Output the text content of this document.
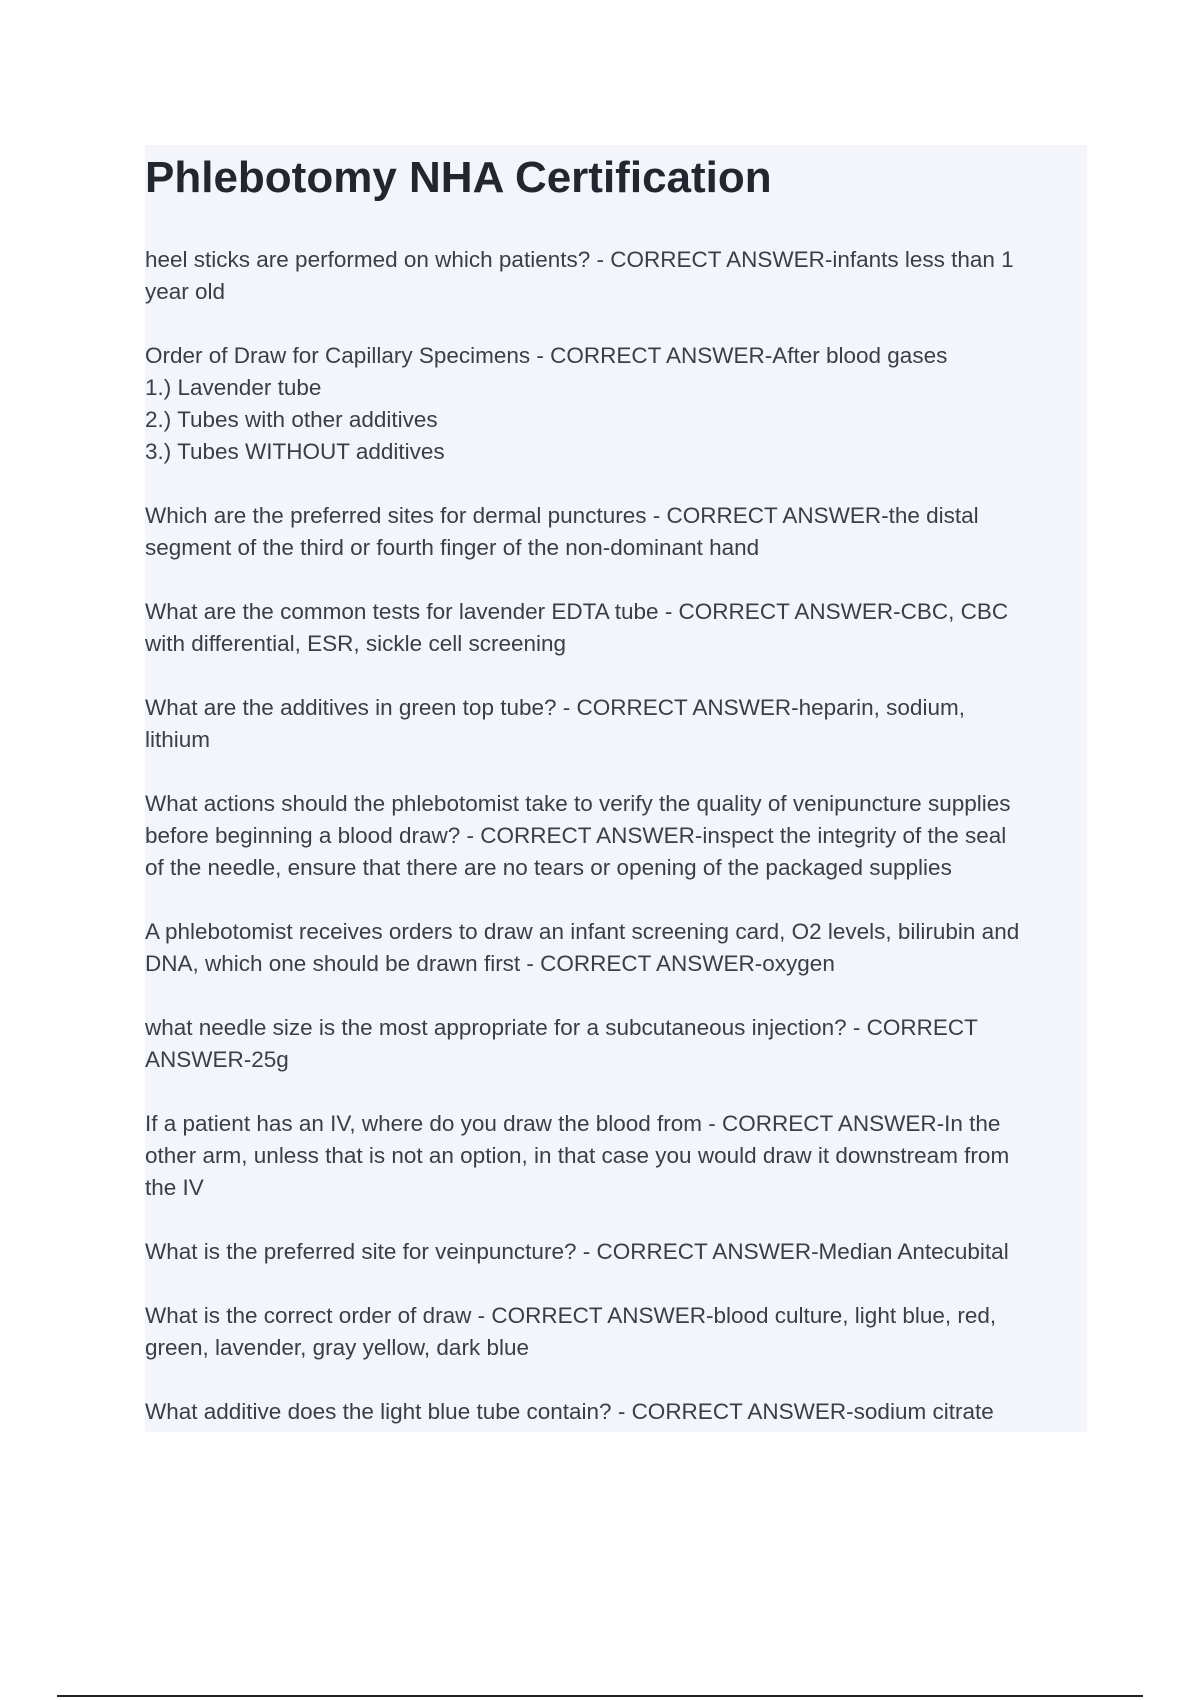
Phlebotomy NHA Certification

heel sticks are performed on which patients? - CORRECT ANSWER-infants less than 1
year old

Order of Draw for Capillary Specimens - CORRECT ANSWER-After blood gases
1.) Lavender tube
2.) Tubes with other additives
3.) Tubes WITHOUT additives

Which are the preferred sites for dermal punctures - CORRECT ANSWER-the distal
segment of the third or fourth finger of the non-dominant hand

What are the common tests for lavender EDTA tube - CORRECT ANSWER-CBC, CBC
with differential, ESR, sickle cell screening

What are the additives in green top tube? - CORRECT ANSWER-heparin, sodium,
lithium

What actions should the phlebotomist take to verify the quality of venipuncture supplies
before beginning a blood draw? - CORRECT ANSWER-inspect the integrity of the seal
of the needle, ensure that there are no tears or opening of the packaged supplies

A phlebotomist receives orders to draw an infant screening card, O2 levels, bilirubin and
DNA, which one should be drawn first - CORRECT ANSWER-oxygen

what needle size is the most appropriate for a subcutaneous injection? - CORRECT
ANSWER-25g

If a patient has an IV, where do you draw the blood from - CORRECT ANSWER-In the
other arm, unless that is not an option, in that case you would draw it downstream from
the IV

What is the preferred site for veinpuncture? - CORRECT ANSWER-Median Antecubital

What is the correct order of draw - CORRECT ANSWER-blood culture, light blue, red,
green, lavender, gray yellow, dark blue

What additive does the light blue tube contain? - CORRECT ANSWER-sodium citrate
